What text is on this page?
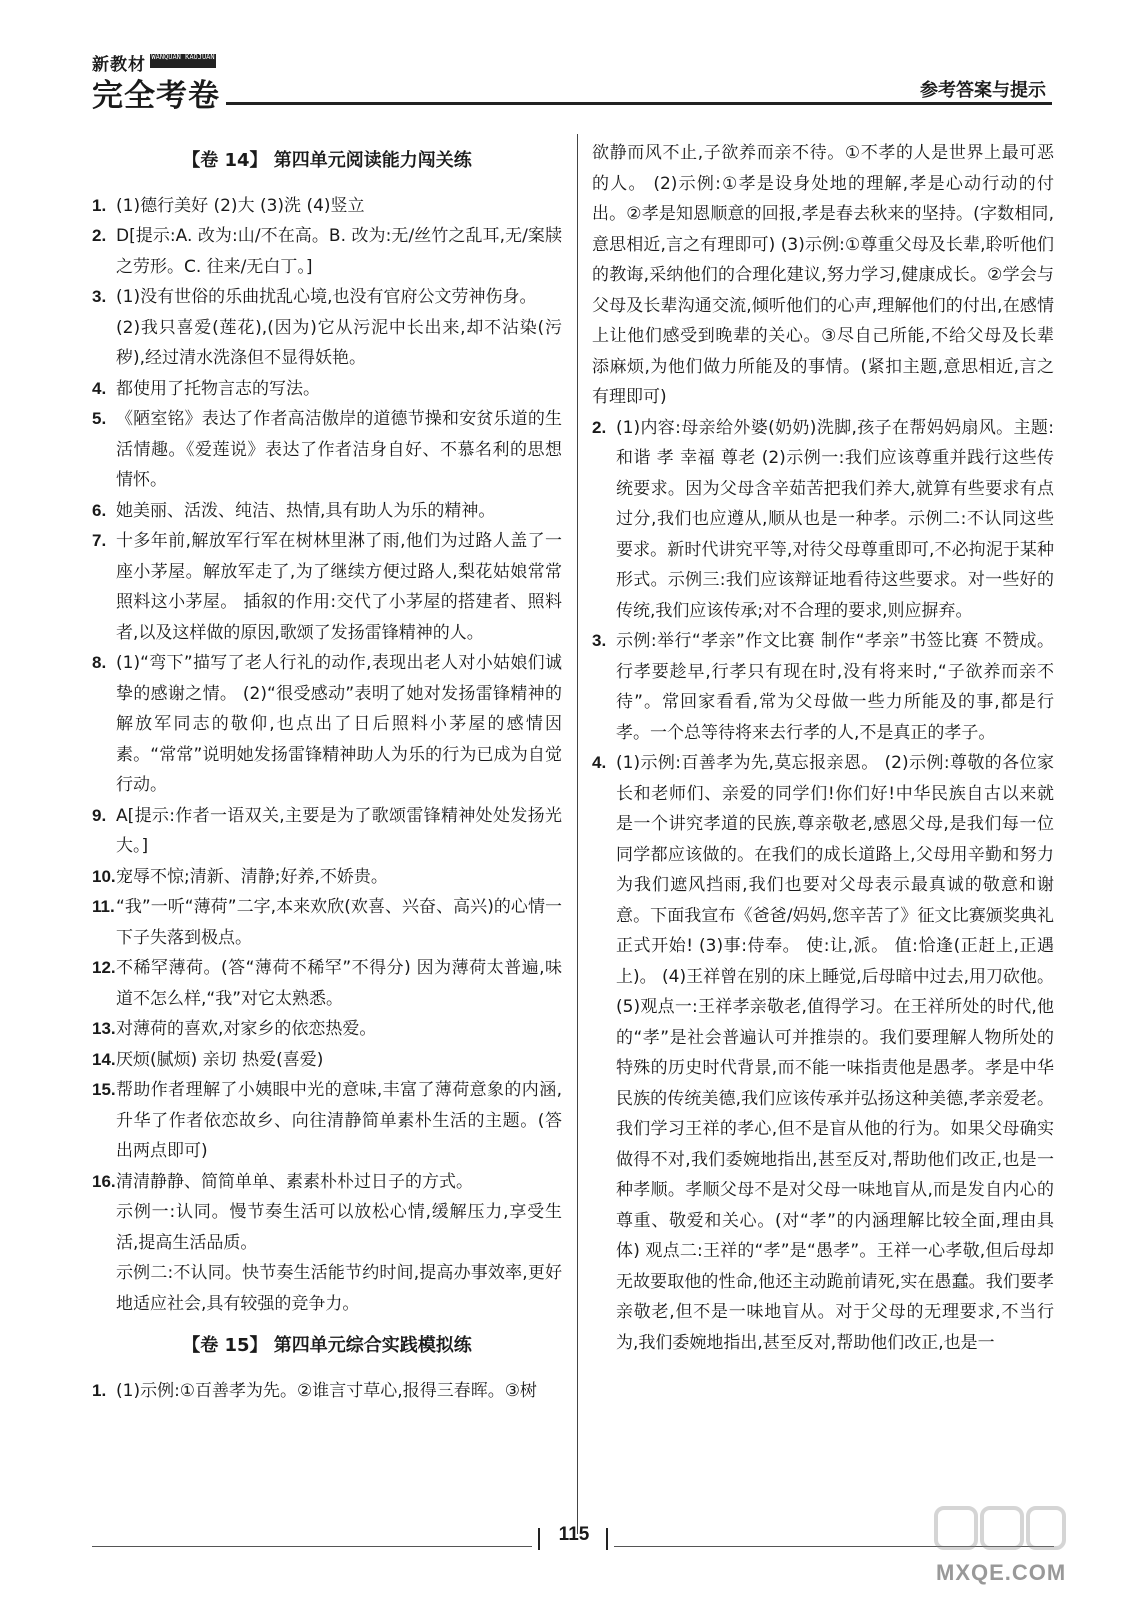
新教材 WANQUAN KAOJUAN
完全考卷	参考答案与提示
【卷 14】 第四单元阅读能力闯关练
1. (1)德行美好 (2)大 (3)洗 (4)竖立
2. D[提示:A. 改为:山/不在高。B. 改为:无/丝竹之乱耳,无/案牍之劳形。C. 往来/无白丁。]
3. (1)没有世俗的乐曲扰乱心境,也没有官府公文劳神伤身。
(2)我只喜爱(莲花),(因为)它从污泥中长出来,却不沾染(污秽),经过清水洗涤但不显得妖艳。
4. 都使用了托物言志的写法。
5. 《陋室铭》表达了作者高洁傲岸的道德节操和安贫乐道的生活情趣。《爱莲说》表达了作者洁身自好、不慕名利的思想情怀。
6. 她美丽、活泼、纯洁、热情,具有助人为乐的精神。
7. 十多年前,解放军行军在树林里淋了雨,他们为过路人盖了一座小茅屋。解放军走了,为了继续方便过路人,梨花姑娘常常照料这小茅屋。 插叙的作用:交代了小茅屋的搭建者、照料者,以及这样做的原因,歌颂了发扬雷锋精神的人。
8. (1)“弯下”描写了老人行礼的动作,表现出老人对小姑娘们诚挚的感谢之情。 (2)“很受感动”表明了她对发扬雷锋精神的解放军同志的敬仰,也点出了日后照料小茅屋的感情因素。“常常”说明她发扬雷锋精神助人为乐的行为已成为自觉行动。
9. A[提示:作者一语双关,主要是为了歌颂雷锋精神处处发扬光大。]
10. 宠辱不惊;清新、清静;好养,不娇贵。
11. “我”一听“薄荷”二字,本来欢欣(欢喜、兴奋、高兴)的心情一下子失落到极点。
12. 不稀罕薄荷。(答“薄荷不稀罕”不得分) 因为薄荷太普遍,味道不怎么样,“我”对它太熟悉。
13. 对薄荷的喜欢,对家乡的依恋热爱。
14. 厌烦(腻烦) 亲切 热爱(喜爱)
15. 帮助作者理解了小姨眼中光的意味,丰富了薄荷意象的内涵,升华了作者依恋故乡、向往清静简单素朴生活的主题。(答出两点即可)
16. 清清静静、简简单单、素素朴朴过日子的方式。
示例一:认同。慢节奏生活可以放松心情,缓解压力,享受生活,提高生活品质。
示例二:不认同。快节奏生活能节约时间,提高办事效率,更好地适应社会,具有较强的竞争力。
【卷 15】 第四单元综合实践模拟练
1. (1)示例:①百善孝为先。②谁言寸草心,报得三春晖。③树
欲静而风不止,子欲养而亲不待。①不孝的人是世界上最可恶的人。 (2)示例:①孝是设身处地的理解,孝是心动行动的付出。②孝是知恩顺意的回报,孝是春去秋来的坚持。(字数相同,意思相近,言之有理即可) (3)示例:①尊重父母及长辈,聆听他们的教诲,采纳他们的合理化建议,努力学习,健康成长。②学会与父母及长辈沟通交流,倾听他们的心声,理解他们的付出,在感情上让他们感受到晚辈的关心。③尽自己所能,不给父母及长辈添麻烦,为他们做力所能及的事情。(紧扣主题,意思相近,言之有理即可)
2. (1)内容:母亲给外婆(奶奶)洗脚,孩子在帮妈妈扇风。主题:和谐 孝 幸福 尊老 (2)示例一:我们应该尊重并践行这些传统要求。因为父母含辛茹苦把我们养大,就算有些要求有点过分,我们也应遵从,顺从也是一种孝。示例二:不认同这些要求。新时代讲究平等,对待父母尊重即可,不必拘泥于某种形式。示例三:我们应该辩证地看待这些要求。对一些好的传统,我们应该传承;对不合理的要求,则应摒弃。
3. 示例:举行“孝亲”作文比赛 制作“孝亲”书签比赛 不赞成。行孝要趁早,行孝只有现在时,没有将来时,“子欲养而亲不待”。常回家看看,常为父母做一些力所能及的事,都是行孝。一个总等待将来去行孝的人,不是真正的孝子。
4. (1)示例:百善孝为先,莫忘报亲恩。 (2)示例:尊敬的各位家长和老师们、亲爱的同学们!你们好!中华民族自古以来就是一个讲究孝道的民族,尊亲敬老,感恩父母,是我们每一位同学都应该做的。在我们的成长道路上,父母用辛勤和努力为我们遮风挡雨,我们也要对父母表示最真诚的敬意和谢意。下面我宣布《爸爸/妈妈,您辛苦了》征文比赛颁奖典礼正式开始! (3)事:侍奉。 使:让,派。 值:恰逢(正赶上,正遇上)。 (4)王祥曾在别的床上睡觉,后母暗中过去,用刀砍他。 (5)观点一:王祥孝亲敬老,值得学习。在王祥所处的时代,他的“孝”是社会普遍认可并推崇的。我们要理解人物所处的特殊的历史时代背景,而不能一味指责他是愚孝。孝是中华民族的传统美德,我们应该传承并弘扬这种美德,孝亲爱老。我们学习王祥的孝心,但不是盲从他的行为。如果父母确实做得不对,我们委婉地指出,甚至反对,帮助他们改正,也是一种孝顺。孝顺父母不是对父母一味地盲从,而是发自内心的尊重、敬爱和关心。(对“孝”的内涵理解比较全面,理由具体) 观点二:王祥的“孝”是“愚孝”。王祥一心孝敬,但后母却无故要取他的性命,他还主动跪前请死,实在愚蠢。我们要孝亲敬老,但不是一味地盲从。对于父母的无理要求,不当行为,我们委婉地指出,甚至反对,帮助他们改正,也是一
115
MXQE.COM
